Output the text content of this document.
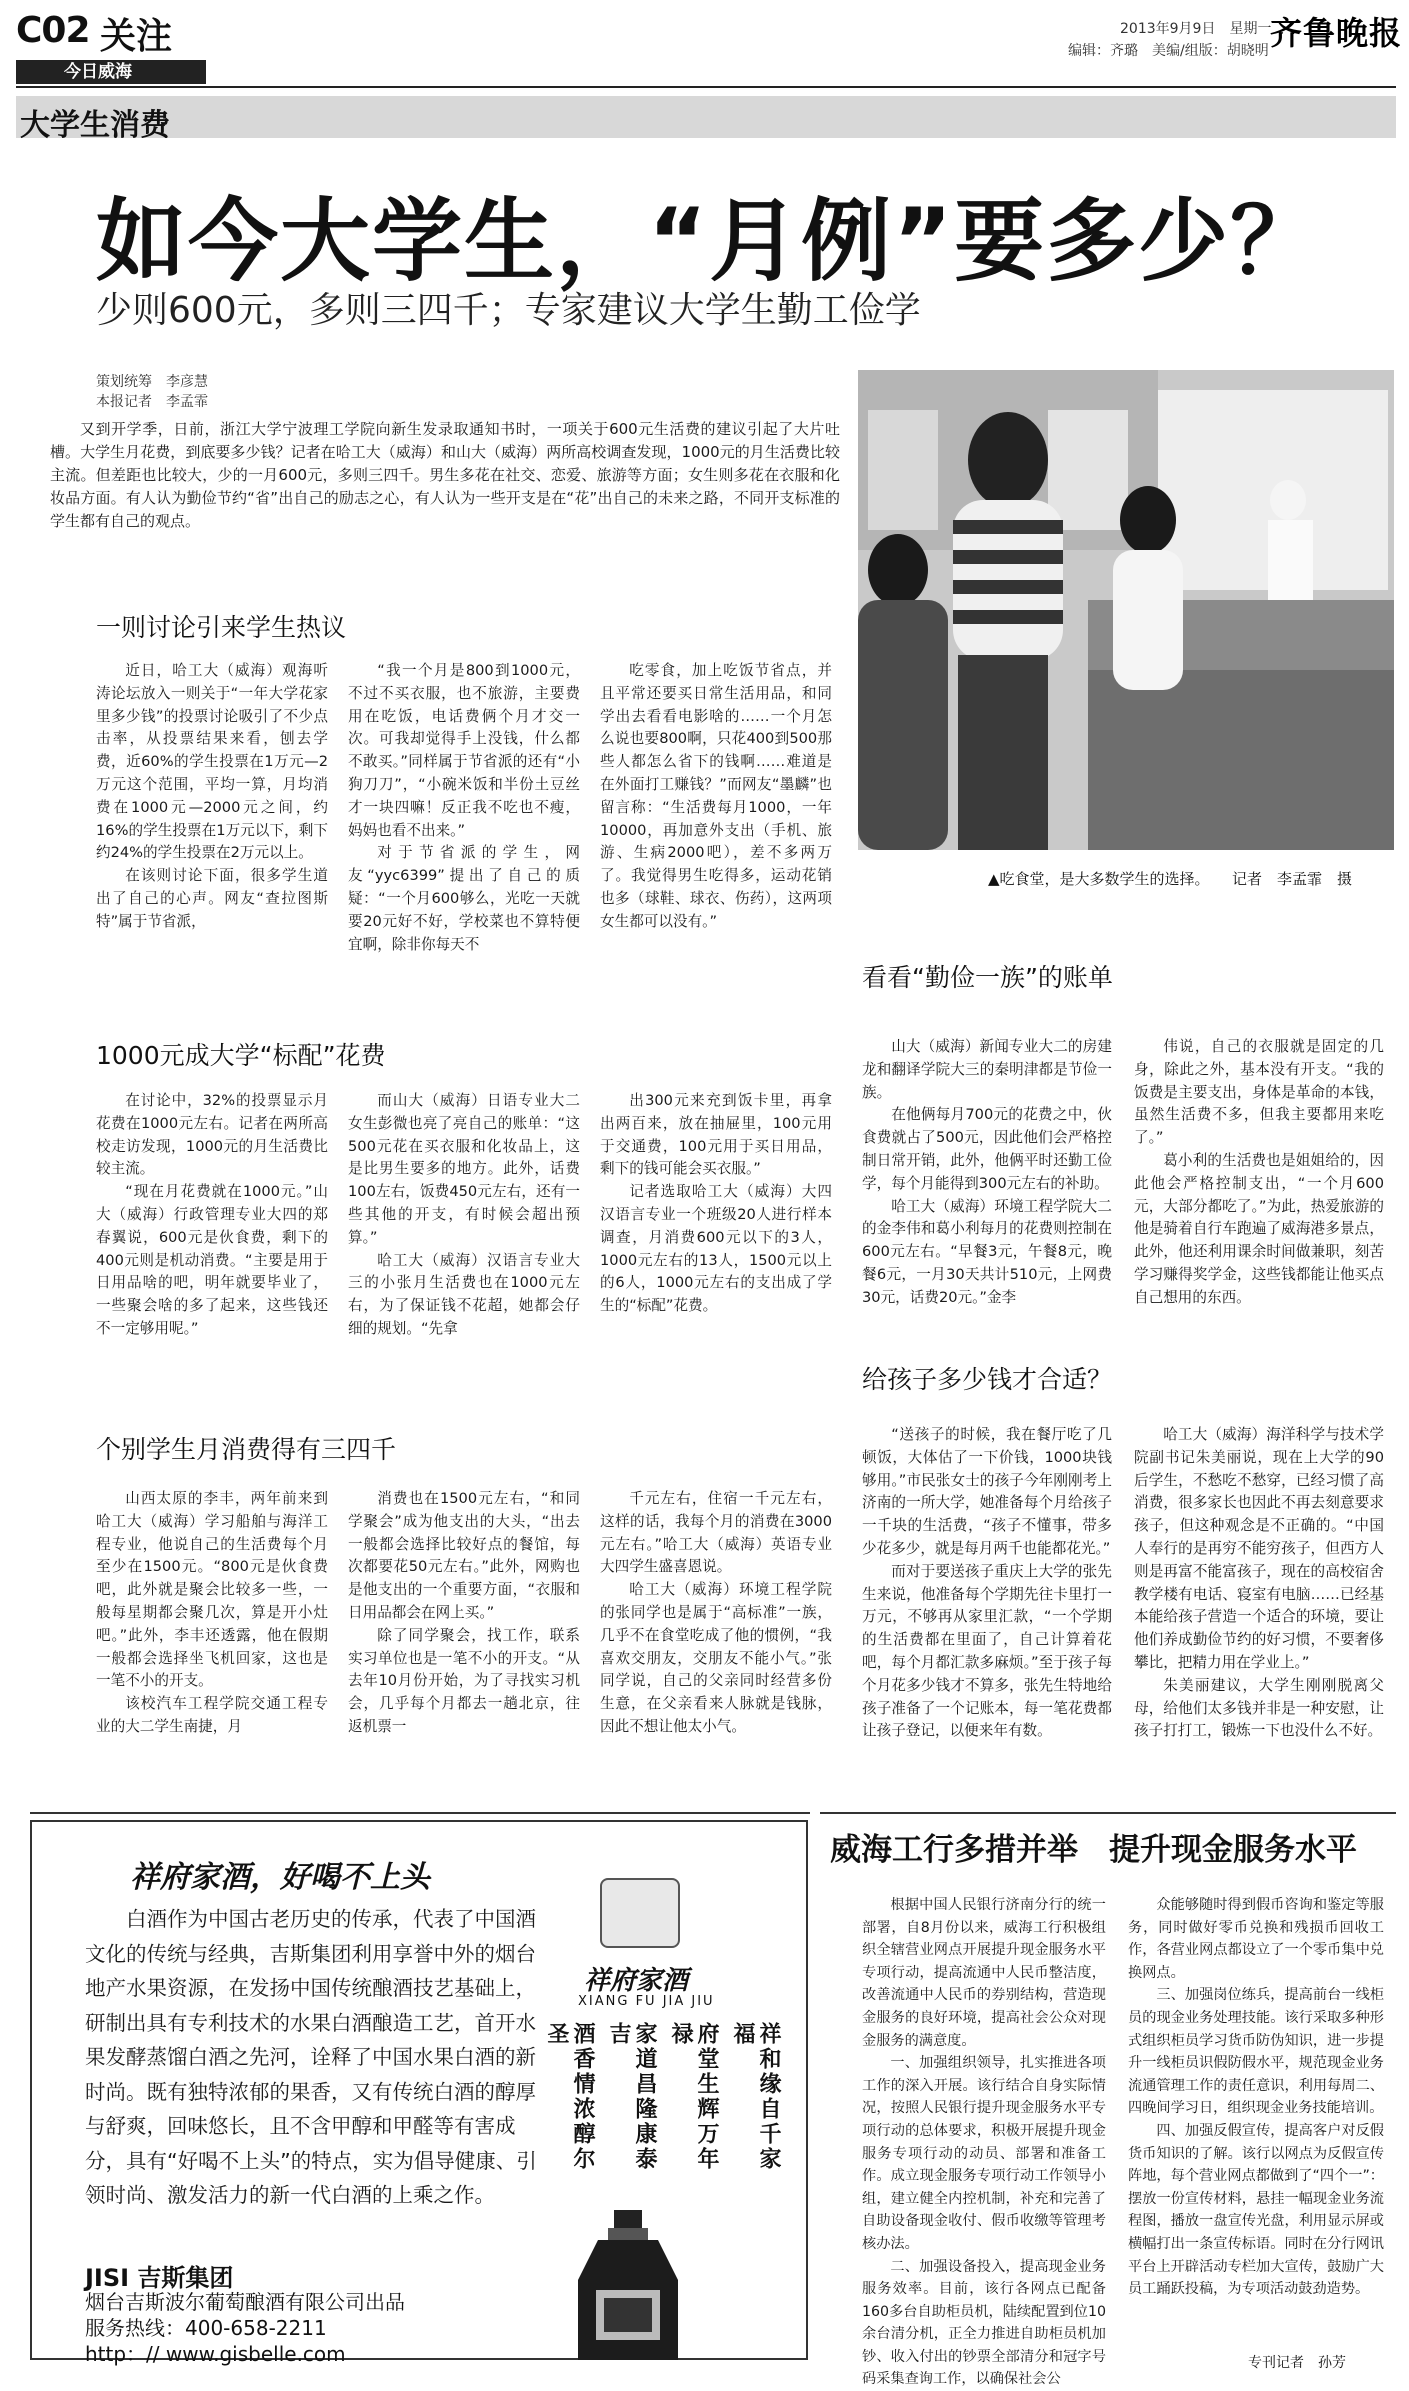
C02 关注
今日威海
2013年9月9日　星期一
编辑：齐璐　美编/组版：胡晓明 齐鲁晚报
大学生消费
如今大学生，“月例”要多少？
少则600元，多则三四千；专家建议大学生勤工俭学
策划统筹　李彦慧
本报记者　李孟霏
又到开学季，日前，浙江大学宁波理工学院向新生发录取通知书时，一项关于600元生活费的建议引起了大片吐槽。大学生月花费，到底要多少钱？记者在哈工大（威海）和山大（威海）两所高校调查发现，1000元的月生活费比较主流。但差距也比较大，少的一月600元，多则三四千。男生多花在社交、恋爱、旅游等方面；女生则多花在衣服和化妆品方面。有人认为勤俭节约“省”出自己的励志之心，有人认为一些开支是在“花”出自己的未来之路，不同开支标准的学生都有自己的观点。
▲吃食堂，是大多数学生的选择。　　记者　李孟霏　摄
一则讨论引来学生热议
近日，哈工大（威海）观海听涛论坛放入一则关于“一年大学花家里多少钱”的投票讨论吸引了不少点击率，从投票结果来看，刨去学费，近60%的学生投票在1万元—2万元这个范围，平均一算，月均消费在1000元—2000元之间，约16%的学生投票在1万元以下，剩下约24%的学生投票在2万元以上。
在该则讨论下面，很多学生道出了自己的心声。网友“查拉图斯特”属于节省派，
“我一个月是800到1000元，不过不买衣服，也不旅游，主要费用在吃饭，电话费俩个月才交一次。可我却觉得手上没钱，什么都不敢买。”同样属于节省派的还有“小狗刀刀”，“小碗米饭和半份土豆丝才一块四嘛！反正我不吃也不瘦，妈妈也看不出来。”
对于节省派的学生，网友“yyc6399”提出了自己的质疑：“一个月600够么，光吃一天就要20元好不好，学校菜也不算特便宜啊，除非你每天不
吃零食，加上吃饭节省点，并且平常还要买日常生活用品，和同学出去看看电影啥的……一个月怎么说也要800啊，只花400到500那些人都怎么省下的钱啊……难道是在外面打工赚钱？”而网友“墨麟”也留言称：“生活费每月1000，一年10000，再加意外支出（手机、旅游、生病2000吧），差不多两万了。我觉得男生吃得多，运动花销也多（球鞋、球衣、伤药），这两项女生都可以没有。”
1000元成大学“标配”花费
在讨论中，32%的投票显示月花费在1000元左右。记者在两所高校走访发现，1000元的月生活费比较主流。
“现在月花费就在1000元。”山大（威海）行政管理专业大四的郑春翼说，600元是伙食费，剩下的400元则是机动消费。“主要是用于日用品啥的吧，明年就要毕业了，一些聚会啥的多了起来，这些钱还不一定够用呢。”
而山大（威海）日语专业大二女生彭微也亮了亮自己的账单：“这500元花在买衣服和化妆品上，这是比男生要多的地方。此外，话费100左右，饭费450元左右，还有一些其他的开支，有时候会超出预算。”
哈工大（威海）汉语言专业大三的小张月生活费也在1000元左右，为了保证钱不花超，她都会仔细的规划。“先拿
出300元来充到饭卡里，再拿出两百来，放在抽屉里，100元用于交通费，100元用于买日用品，剩下的钱可能会买衣服。”
记者选取哈工大（威海）大四汉语言专业一个班级20人进行样本调查，月消费600元以下的3人，1000元左右的13人，1500元以上的6人，1000元左右的支出成了学生的“标配”花费。
个别学生月消费得有三四千
山西太原的李丰，两年前来到哈工大（威海）学习船舶与海洋工程专业，他说自己的生活费每个月至少在1500元。“800元是伙食费吧，此外就是聚会比较多一些，一般每星期都会聚几次，算是开小灶吧。”此外，李丰还透露，他在假期一般都会选择坐飞机回家，这也是一笔不小的开支。
该校汽车工程学院交通工程专业的大二学生南捷，月
消费也在1500元左右，“和同学聚会”成为他支出的大头，“出去一般都会选择比较好点的餐馆，每次都要花50元左右。”此外，网购也是他支出的一个重要方面，“衣服和日用品都会在网上买。”
除了同学聚会，找工作，联系实习单位也是一笔不小的开支。“从去年10月份开始，为了寻找实习机会，几乎每个月都去一趟北京，往返机票一
千元左右，住宿一千元左右，这样的话，我每个月的消费在3000元左右。”哈工大（威海）英语专业大四学生盛喜恩说。
哈工大（威海）环境工程学院的张同学也是属于“高标准”一族，几乎不在食堂吃成了他的惯例，“我喜欢交朋友，交朋友不能小气。”张同学说，自己的父亲同时经营多份生意，在父亲看来人脉就是钱脉，因此不想让他太小气。
看看“勤俭一族”的账单
山大（威海）新闻专业大二的房建龙和翻译学院大三的秦明津都是节俭一族。
在他俩每月700元的花费之中，伙食费就占了500元，因此他们会严格控制日常开销，此外，他俩平时还勤工俭学，每个月能得到300元左右的补助。
哈工大（威海）环境工程学院大二的金李伟和葛小利每月的花费则控制在600元左右。“早餐3元，午餐8元，晚餐6元，一月30天共计510元，上网费30元，话费20元。”金李
伟说，自己的衣服就是固定的几身，除此之外，基本没有开支。“我的饭费是主要支出，身体是革命的本钱，虽然生活费不多，但我主要都用来吃了。”
葛小利的生活费也是姐姐给的，因此他会严格控制支出，“一个月600元，大部分都吃了。”为此，热爱旅游的他是骑着自行车跑遍了威海港多景点，此外，他还利用课余时间做兼职，刻苦学习赚得奖学金，这些钱都能让他买点自己想用的东西。
给孩子多少钱才合适？
“送孩子的时候，我在餐厅吃了几顿饭，大体估了一下价钱，1000块钱够用。”市民张女士的孩子今年刚刚考上济南的一所大学，她准备每个月给孩子一千块的生活费，“孩子不懂事，带多少花多少，就是每月两千也能都花光。”
而对于要送孩子重庆上大学的张先生来说，他准备每个学期先往卡里打一万元，不够再从家里汇款，“一个学期的生活费都在里面了，自己计算着花吧，每个月都汇款多麻烦。”至于孩子每个月花多少钱才不算多，张先生特地给孩子准备了一个记账本，每一笔花费都让孩子登记，以便来年有数。
哈工大（威海）海洋科学与技术学院副书记朱美丽说，现在上大学的90后学生，不愁吃不愁穿，已经习惯了高消费，很多家长也因此不再去刻意要求孩子，但这种观念是不正确的。“中国人奉行的是再穷不能穷孩子，但西方人则是再富不能富孩子，现在的高校宿舍教学楼有电话、寝室有电脑……已经基本能给孩子营造一个适合的环境，要让他们养成勤俭节约的好习惯，不要奢侈攀比，把精力用在学业上。”
朱美丽建议，大学生刚刚脱离父母，给他们太多钱并非是一种安慰，让孩子打打工，锻炼一下也没什么不好。
祥府家酒，好喝不上头
白酒作为中国古老历史的传承，代表了中国酒文化的传统与经典，吉斯集团利用享誉中外的烟台地产水果资源，在发扬中国传统酿酒技艺基础上，研制出具有专利技术的水果白酒酿造工艺，首开水果发酵蒸馏白酒之先河，诠释了中国水果白酒的新时尚。既有独特浓郁的果香，又有传统白酒的醇厚与舒爽，回味悠长，且不含甲醇和甲醛等有害成分，具有“好喝不上头”的特点，实为倡导健康、引领时尚、激发活力的新一代白酒的上乘之作。
祥府家酒
XIANG FU JIA JIU
祥和缘自千家福
府堂生辉万年禄
家道昌隆康泰吉
酒香情浓醇尔圣
JISI 吉斯集团
烟台吉斯波尔葡萄酿酒有限公司出品
服务热线：400-658-2211
http：// www.gisbelle.com
威海工行多措并举　提升现金服务水平
根据中国人民银行济南分行的统一部署，自8月份以来，威海工行积极组织全辖营业网点开展提升现金服务水平专项行动，提高流通中人民币整洁度，改善流通中人民币的券别结构，营造现金服务的良好环境，提高社会公众对现金服务的满意度。
一、加强组织领导，扎实推进各项工作的深入开展。该行结合自身实际情况，按照人民银行提升现金服务水平专项行动的总体要求，积极开展提升现金服务专项行动的动员、部署和准备工作。成立现金服务专项行动工作领导小组，建立健全内控机制，补充和完善了自助设备现金收付、假币收缴等管理考核办法。
二、加强设备投入，提高现金业务服务效率。目前，该行各网点已配备160多台自助柜员机，陆续配置到位10余台清分机，正全力推进自助柜员机加钞、收入付出的钞票全部清分和冠字号码采集查询工作，以确保社会公
众能够随时得到假币咨询和鉴定等服务，同时做好零币兑换和残损币回收工作，各营业网点都设立了一个零币集中兑换网点。
三、加强岗位练兵，提高前台一线柜员的现金业务处理技能。该行采取多种形式组织柜员学习货币防伪知识，进一步提升一线柜员识假防假水平，规范现金业务流通管理工作的责任意识，利用每周二、四晚间学习日，组织现金业务技能培训。
四、加强反假宣传，提高客户对反假货币知识的了解。该行以网点为反假宣传阵地，每个营业网点都做到了“四个一”：摆放一份宣传材料，悬挂一幅现金业务流程图，播放一盘宣传光盘，利用显示屏或横幅打出一条宣传标语。同时在分行网讯平台上开辟活动专栏加大宣传，鼓励广大员工踊跃投稿，为专项活动鼓劲造势。
专刊记者　孙芳
